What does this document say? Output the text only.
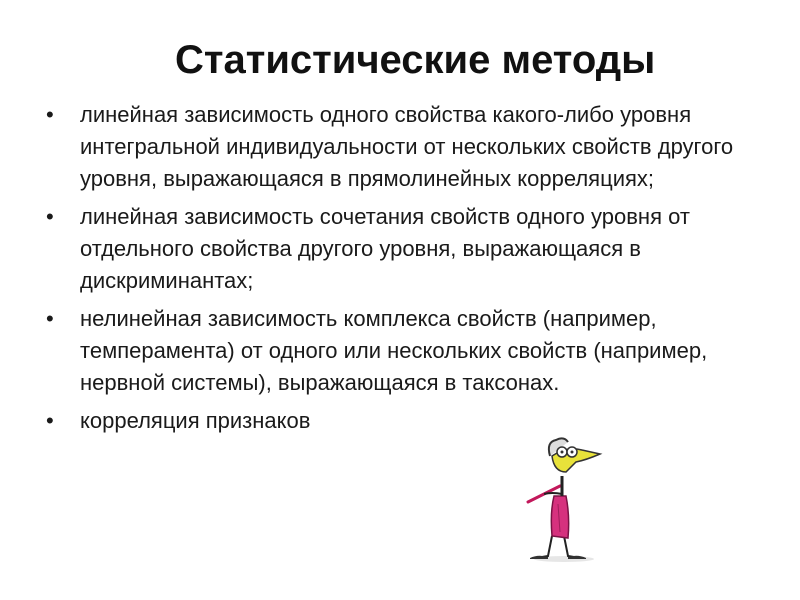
Статистические методы
• линейная зависимость одного свойства какого-либо уровня интегральной индивидуальности от нескольких свойств другого уровня, выражающаяся в прямолинейных корреляциях;
• линейная зависимость сочетания свойств одного уровня от отдельного свойства другого уровня, выражающаяся в дискриминантах;
• нелинейная зависимость комплекса свойств (например, темперамента) от одного или нескольких свойств (например, нервной системы), выражающаяся в таксонах.
• корреляция признаков
